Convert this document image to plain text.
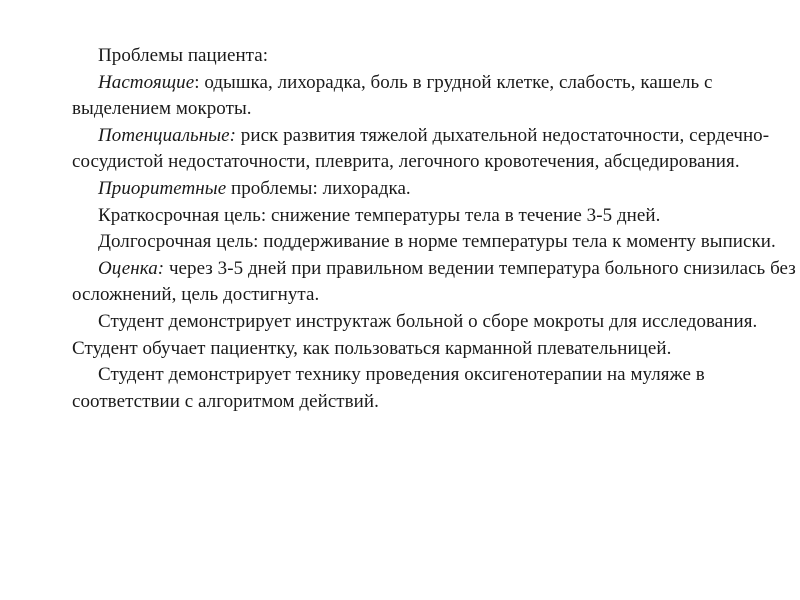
Проблемы пациента:

Настоящие: одышка, лихорадка, боль в грудной клетке, слабость, кашель с выделением мокроты.

Потенциальные: риск развития тяжелой дыхательной недостаточности, сердечно-сосудистой недостаточности, плеврита, легочного кровотечения, абсцедирования.

Приоритетные проблемы: лихорадка.

Краткосрочная цель: снижение температуры тела в течение 3-5 дней.

Долгосрочная цель: поддерживание в норме температуры тела к моменту выписки.

Оценка: через 3-5 дней при правильном ведении температура больного снизилась без осложнений, цель достигнута.

Студент демонстрирует инструктаж больной о сборе мокроты для исследования. Студент обучает пациентку, как пользоваться карманной плевательницей.

Студент демонстрирует технику проведения оксигенотерапии на муляже в соответствии с алгоритмом действий.
